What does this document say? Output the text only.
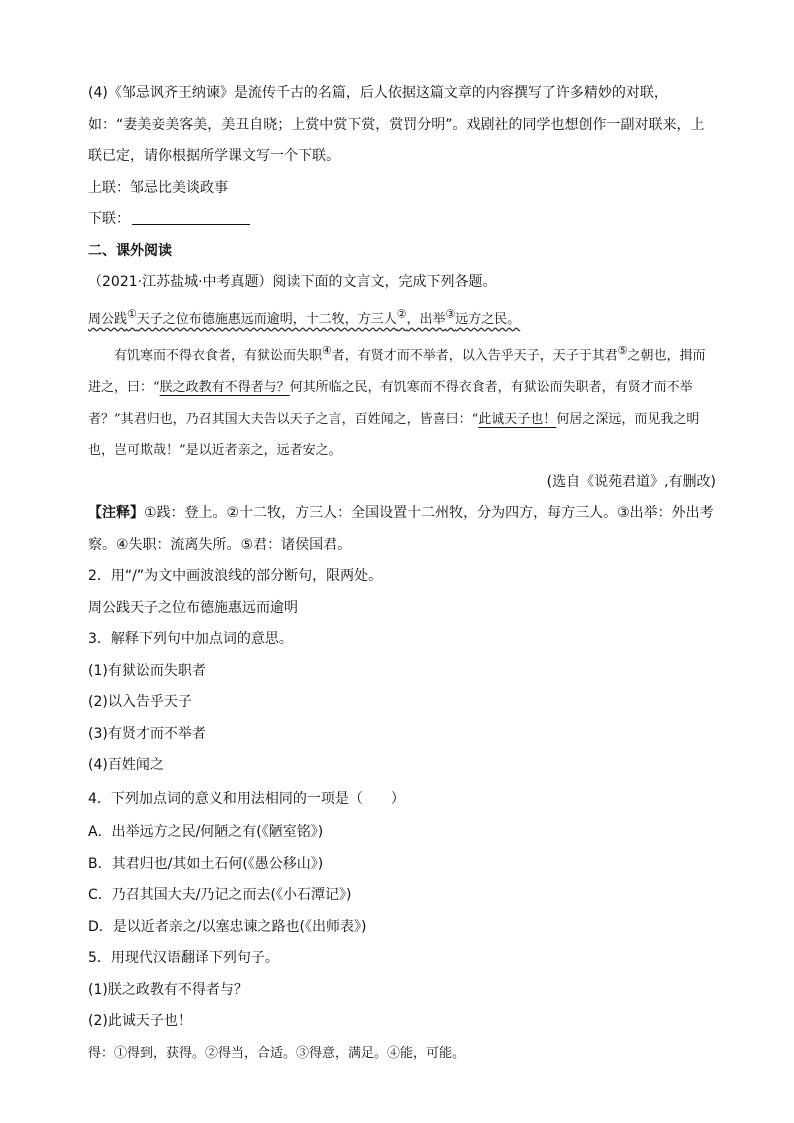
(4)《邹忌讽齐王纳谏》是流传千古的名篇，后人依据这篇文章的内容撰写了许多精妙的对联，如：“妻美妾美客美，美丑自晓；上赏中赏下赏，赏罚分明”。戏剧社的同学也想创作一副对联来，上联已定，请你根据所学课文写一个下联。

上联：邹忌比美谈政事

下联：

二、课外阅读

（2021·江苏盐城·中考真题）阅读下面的文言文，完成下列各题。

周公践①天子之位布德施惠远而逾明，十二牧，方三人②，出举③远方之民。

有饥寒而不得衣食者，有狱讼而失职④者，有贤才而不举者，以入告乎天子，天子于其君⑤之朝也，揖而进之，曰：“朕之政教有不得者与？何其所临之民，有饥寒而不得衣食者，有狱讼而失职者，有贤才而不举者？”其君归也，乃召其国大夫告以天子之言，百姓闻之，皆喜曰：“此诚天子也！何居之深远，而见我之明也，岂可欺哉！”是以近者亲之，远者安之。

(选自《说苑君道》,有删改)

【注释】①践：登上。②十二牧，方三人：全国设置十二州牧，分为四方，每方三人。③出举：外出考察。④失职：流离失所。⑤君：诸侯国君。

2．用“/”为文中画波浪线的部分断句，限两处。

周公践天子之位布德施惠远而逾明

3．解释下列句中加点词的意思。

(1)有狱讼而失职者

(2)以入告乎天子

(3)有贤才而不举者

(4)百姓闻之

4．下列加点词的意义和用法相同的一项是（　　）

A．出举远方之民/何陋之有(《陋室铭》)

B．其君归也/其如土石何(《愚公移山》)

C．乃召其国大夫/乃记之而去(《小石潭记》)

D．是以近者亲之/以塞忠谏之路也(《出师表》)

5．用现代汉语翻译下列句子。

(1)朕之政教有不得者与？

(2)此诚天子也！

得：①得到，获得。②得当，合适。③得意，满足。④能，可能。
